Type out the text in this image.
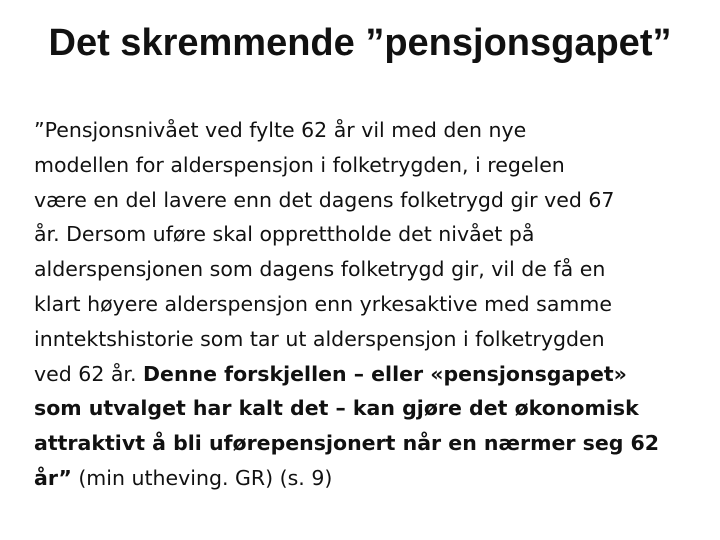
Det skremmende ”pensjonsgapet”
”Pensjonsnivået ved fylte 62 år vil med den nye
modellen for alderspensjon i folketrygden, i regelen
være en del lavere enn det dagens folketrygd gir ved 67
år. Dersom uføre skal opprettholde det nivået på
alderspensjonen som dagens folketrygd gir, vil de få en
klart høyere alderspensjon enn yrkesaktive med samme
inntektshistorie som tar ut alderspensjon i folketrygden
ved 62 år. Denne forskjellen – eller «pensjonsgapet»
som utvalget har kalt det – kan gjøre det økonomisk
attraktivt å bli uførepensjonert når en nærmer seg 62
år” (min utheving. GR) (s. 9)
